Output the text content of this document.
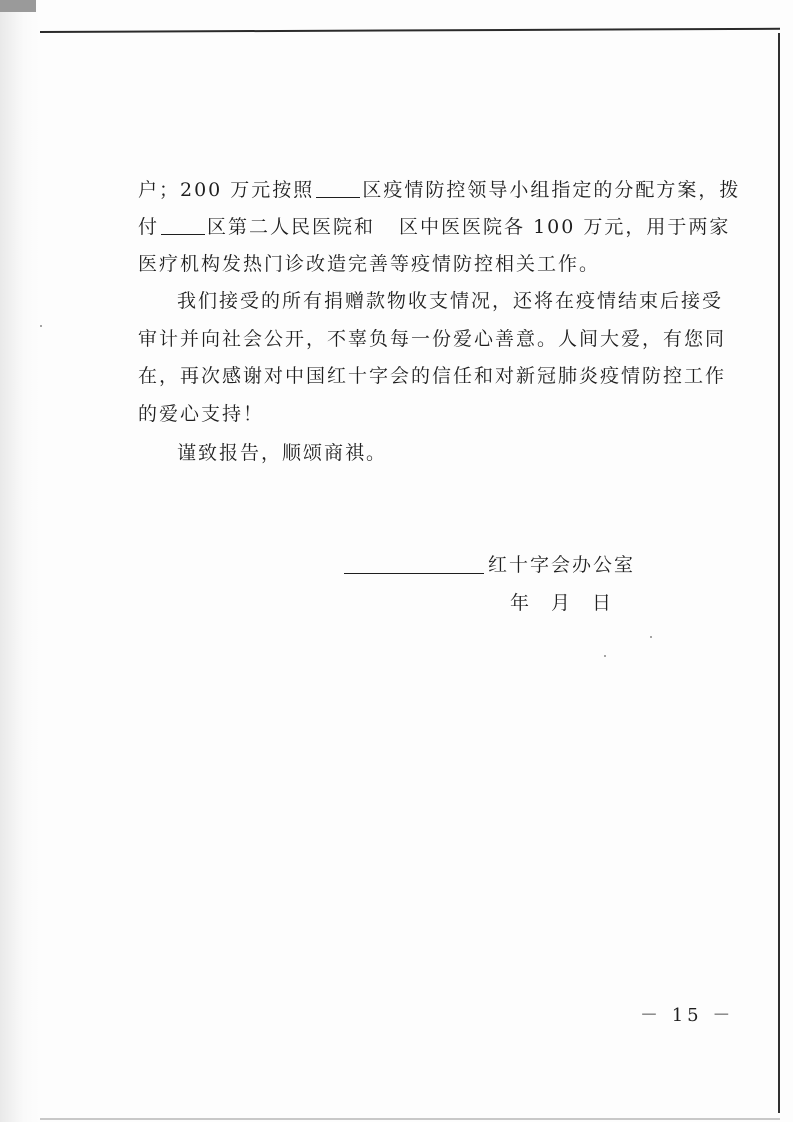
户；200 万元按照	区疫情防控领导小组指定的分配方案，拨
付	区第二人民医院和 区中医医院各 100 万元，用于两家
医疗机构发热门诊改造完善等疫情防控相关工作。
我们接受的所有捐赠款物收支情况，还将在疫情结束后接受
审计并向社会公开，不辜负每一份爱心善意。人间大爱，有您同
在，再次感谢对中国红十字会的信任和对新冠肺炎疫情防控工作
的爱心支持！
谨致报告，顺颂商祺。
红十字会办公室
年 月 日
－ 15 －
